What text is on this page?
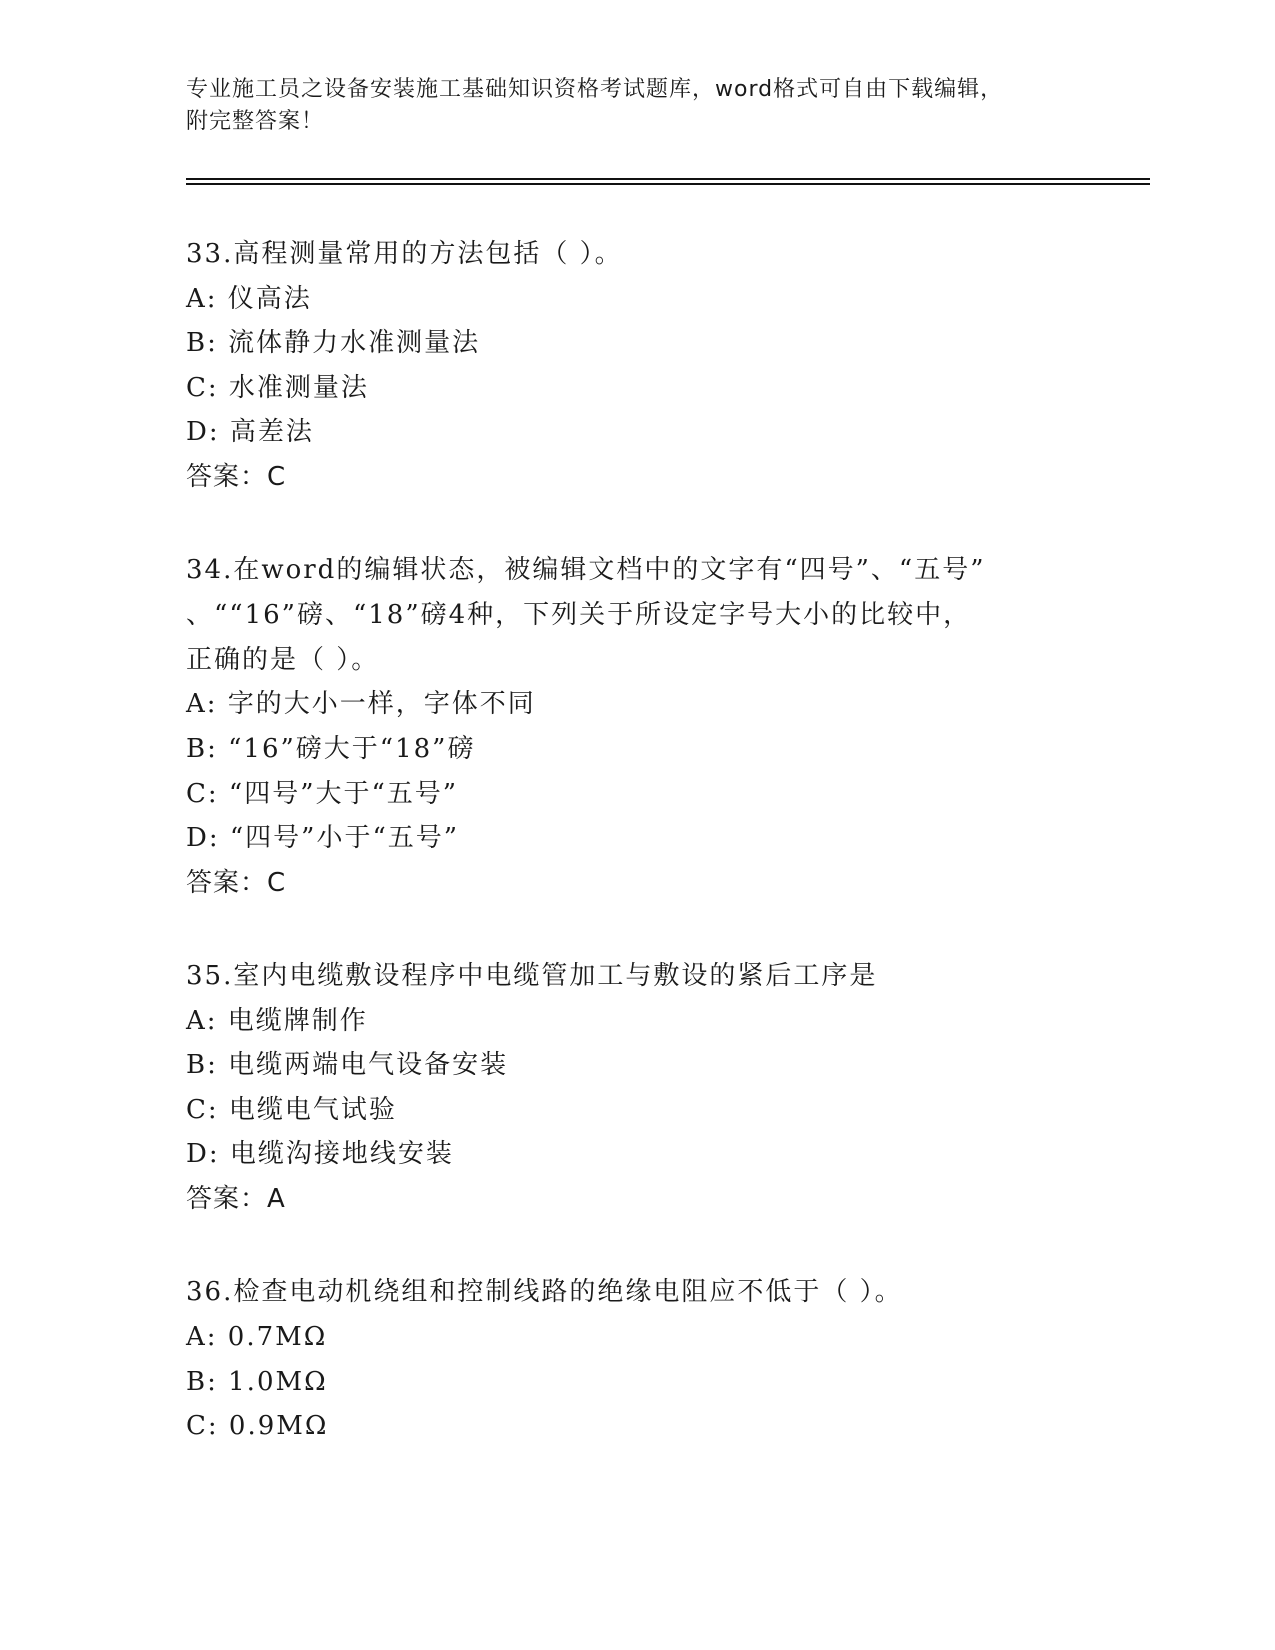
专业施工员之设备安装施工基础知识资格考试题库，word格式可自由下载编辑，
附完整答案！
33.高程测量常用的方法包括（ ）。
A: 仪高法
B: 流体静力水准测量法
C: 水准测量法
D: 高差法
答案：C
34.在word的编辑状态，被编辑文档中的文字有“四号”、“五号”
、““16”磅、“18”磅4种，下列关于所设定字号大小的比较中，
正确的是（ ）。
A: 字的大小一样，字体不同
B: “16”磅大于“18”磅
C: “四号”大于“五号”
D: “四号”小于“五号”
答案：C
35.室内电缆敷设程序中电缆管加工与敷设的紧后工序是
A: 电缆牌制作
B: 电缆两端电气设备安装
C: 电缆电气试验
D: 电缆沟接地线安装
答案：A
36.检查电动机绕组和控制线路的绝缘电阻应不低于（ ）。
A: 0.7MΩ
B: 1.0MΩ
C: 0.9MΩ
